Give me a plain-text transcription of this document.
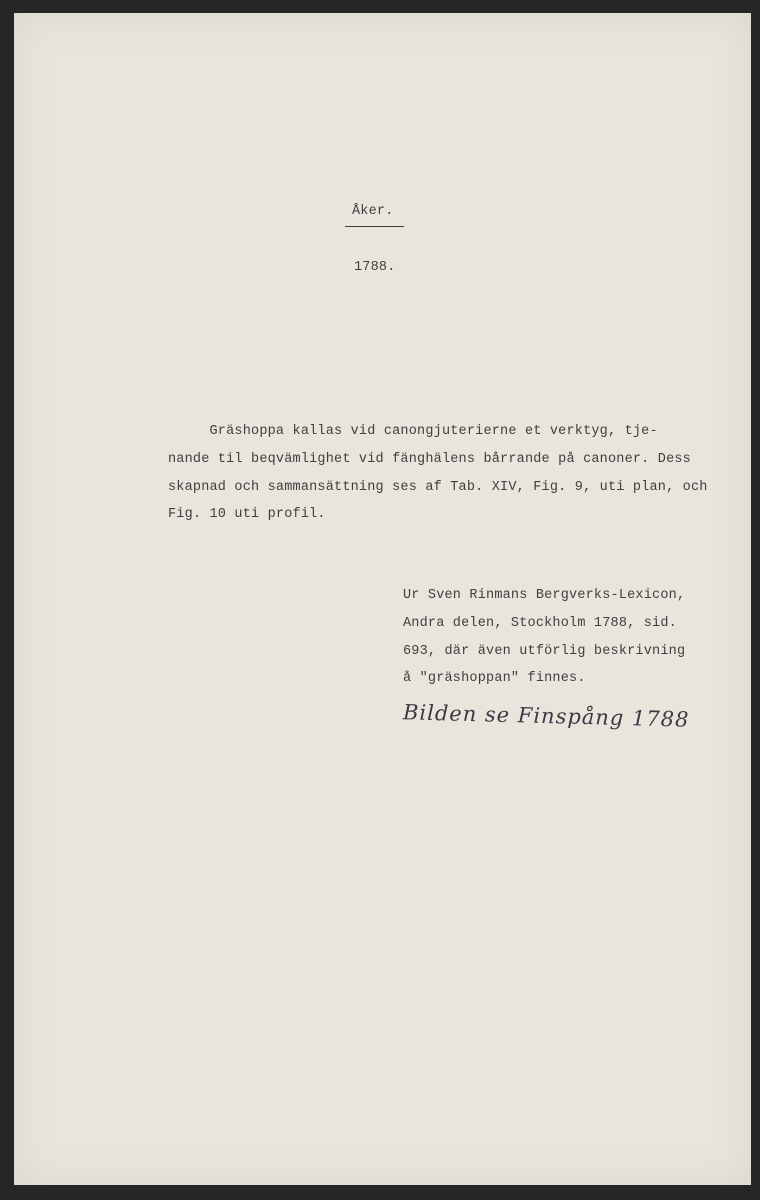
Åker.
1788.
Gräshoppa kallas vid canongjuterierne et verktyg, tje-
nande til beqvämlighet vid fänghälens bårrande på canoner. Dess
skapnad och sammansättning ses af Tab. XIV, Fig. 9, uti plan, och
Fig. 10 uti profil.
Ur Sven Rinmans Bergverks-Lexicon,
Andra delen, Stockholm 1788, sid.
693, där även utförlig beskrivning
å "gräshoppan" finnes.
Bilden se Finspång 1788
